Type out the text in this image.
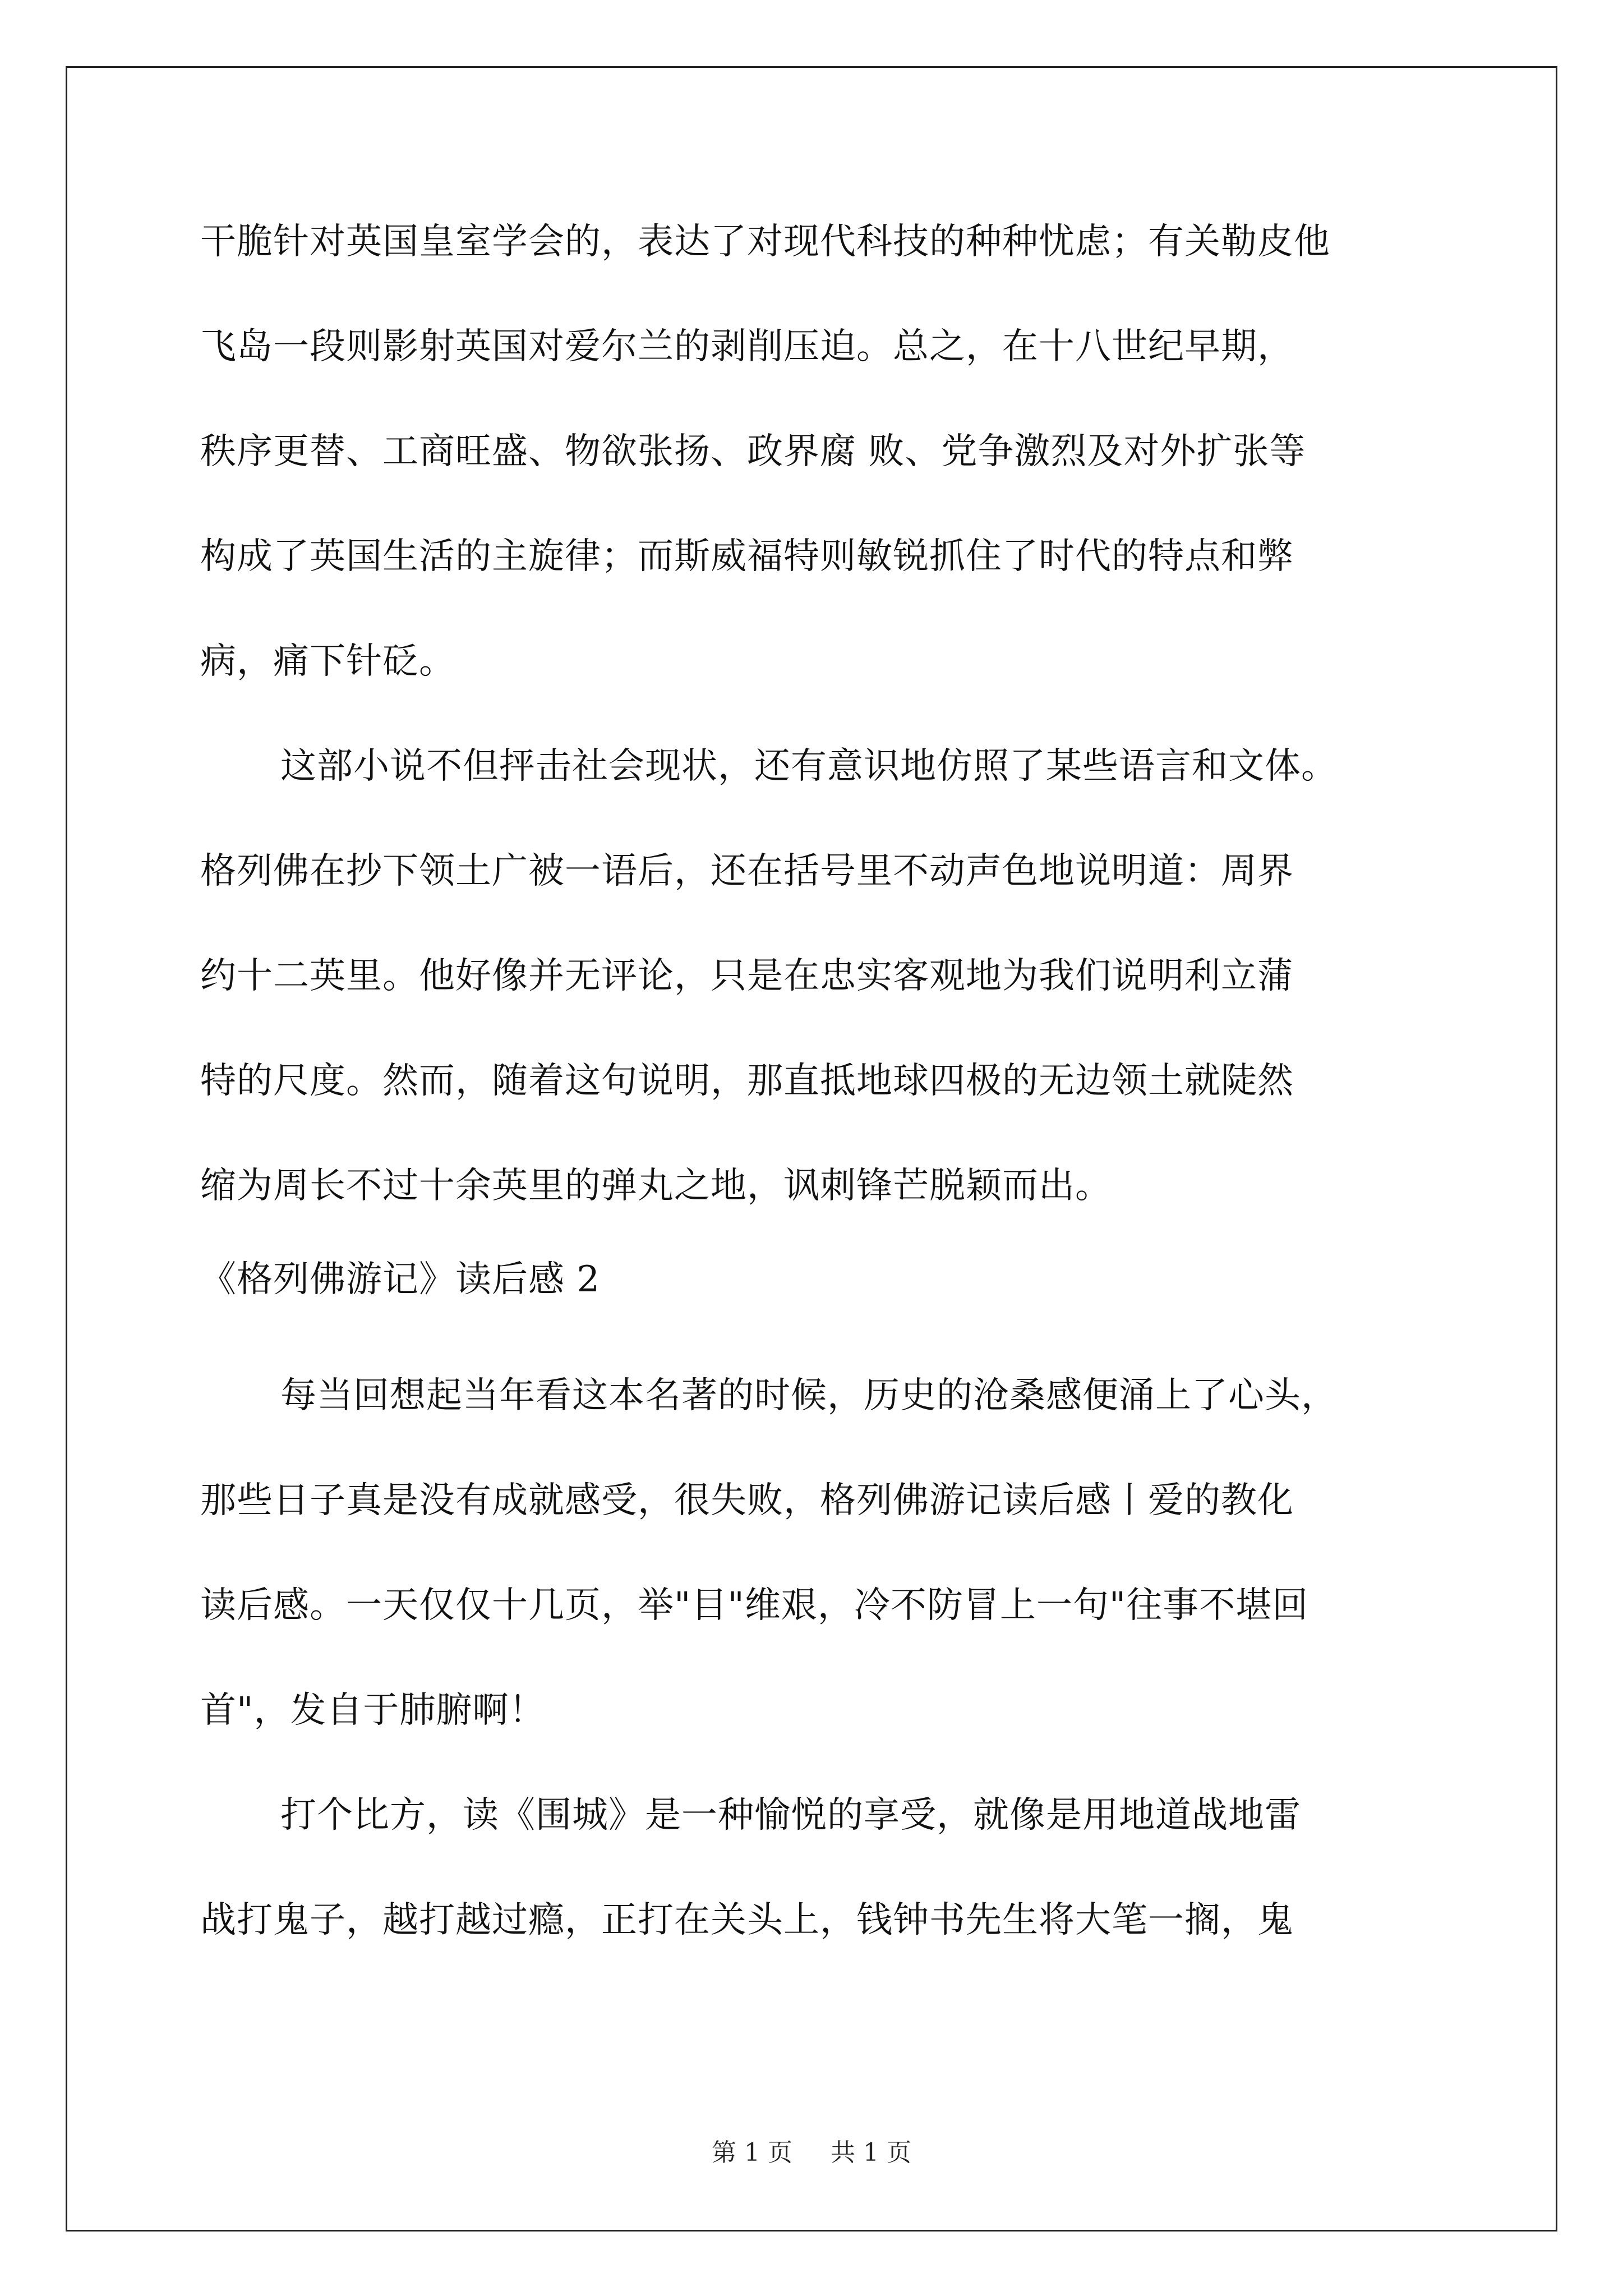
干脆针对英国皇室学会的，表达了对现代科技的种种忧虑；有关勒皮他
飞岛一段则影射英国对爱尔兰的剥削压迫。总之，在十八世纪早期，
秩序更替、工商旺盛、物欲张扬、政界腐 败、党争激烈及对外扩张等
构成了英国生活的主旋律；而斯威福特则敏锐抓住了时代的特点和弊
病，痛下针砭。
这部小说不但抨击社会现状，还有意识地仿照了某些语言和文体。
格列佛在抄下领土广被一语后，还在括号里不动声色地说明道：周界
约十二英里。他好像并无评论，只是在忠实客观地为我们说明利立蒲
特的尺度。然而，随着这句说明，那直抵地球四极的无边领土就陡然
缩为周长不过十余英里的弹丸之地，讽刺锋芒脱颖而出。
《格列佛游记》读后感 2
每当回想起当年看这本名著的时候，历史的沧桑感便涌上了心头，
那些日子真是没有成就感受，很失败，格列佛游记读后感丨爱的教化
读后感。一天仅仅十几页，举"目"维艰，冷不防冒上一句"往事不堪回
首"，发自于肺腑啊！
打个比方，读《围城》是一种愉悦的享受，就像是用地道战地雷
战打鬼子，越打越过瘾，正打在关头上，钱钟书先生将大笔一搁，鬼
第 1 页 共 1 页
